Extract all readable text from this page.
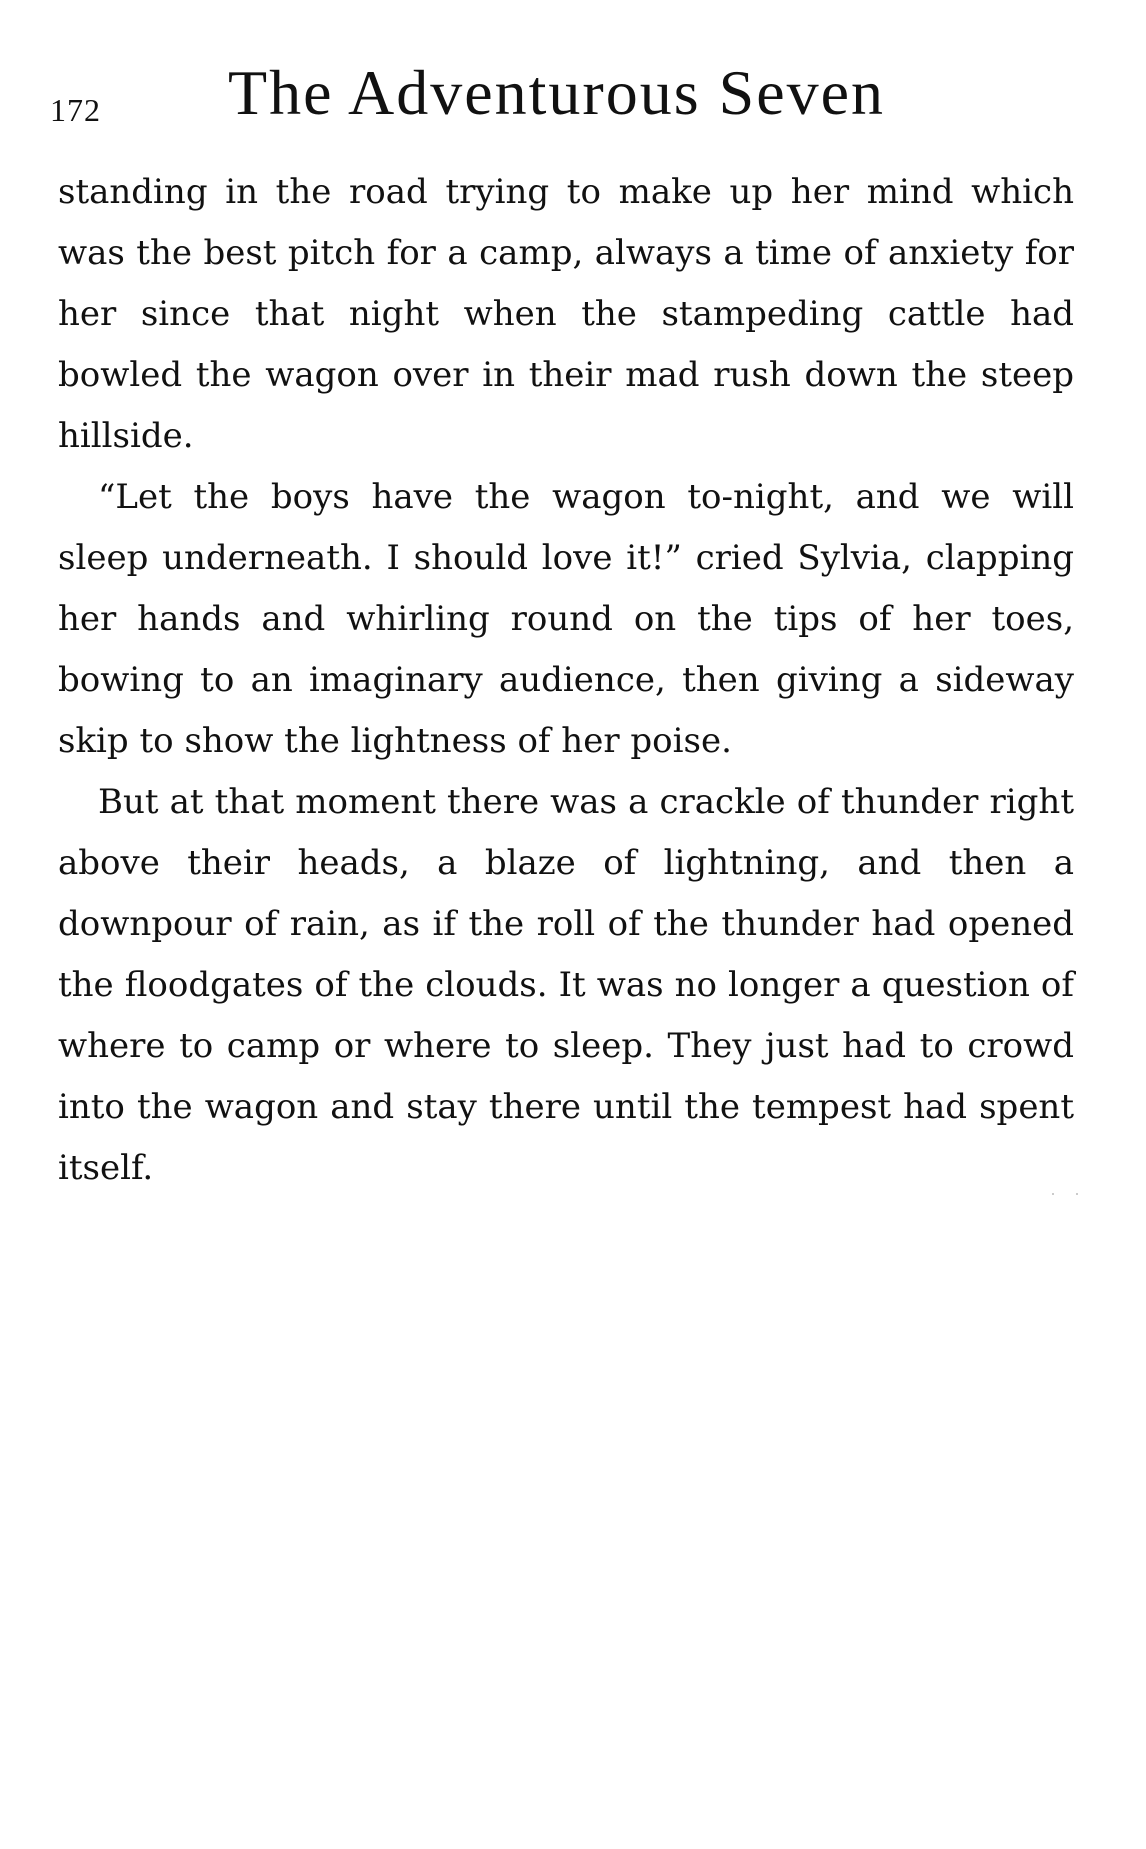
172 The Adventurous Seven

standing in the road trying to make up her mind which was the best pitch for a camp, always a time of anxiety for her since that night when the stampeding cattle had bowled the wagon over in their mad rush down the steep hillside.

“Let the boys have the wagon to-night, and we will sleep underneath. I should love it!” cried Sylvia, clapping her hands and whirling round on the tips of her toes, bowing to an imaginary audience, then giving a sideway skip to show the lightness of her poise.

But at that moment there was a crackle of thunder right above their heads, a blaze of lightning, and then a downpour of rain, as if the roll of the thunder had opened the floodgates of the clouds. It was no longer a question of where to camp or where to sleep. They just had to crowd into the wagon and stay there until the tempest had spent itself.
